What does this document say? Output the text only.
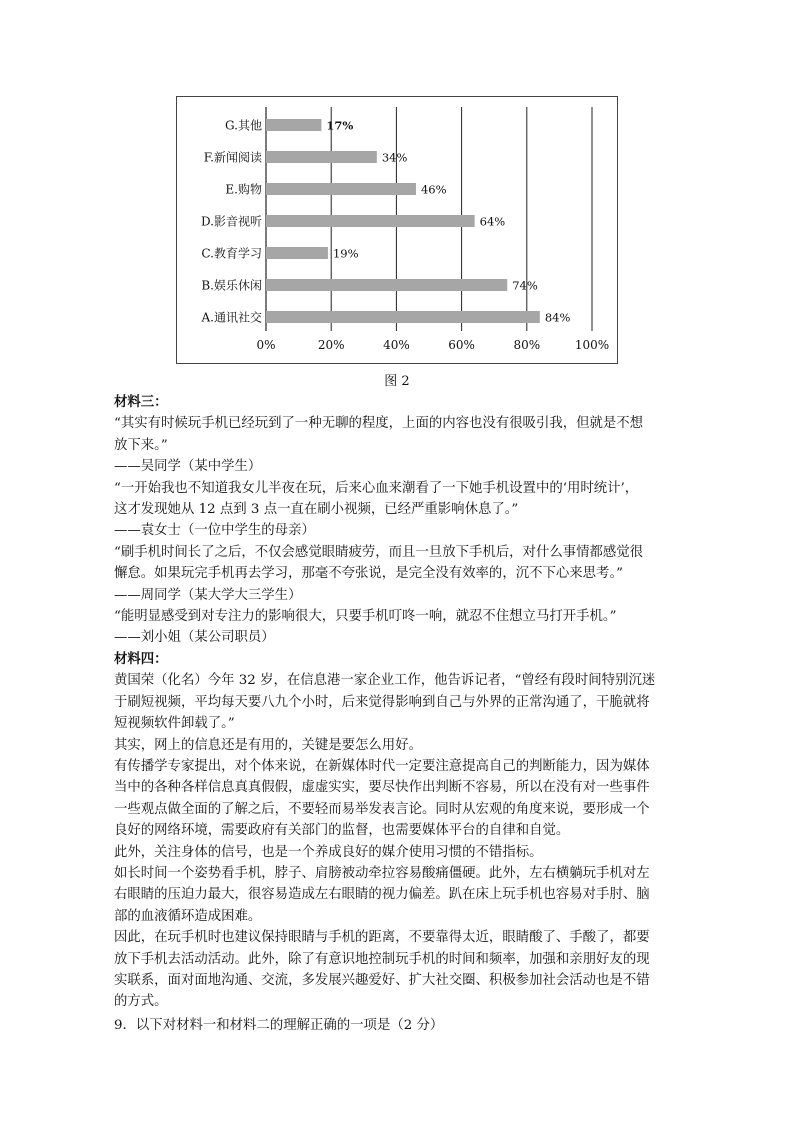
0%	20%	40%	60%	80%	100%
A.通讯社交	84%
B.娱乐休闲	74%
C.教育学习	19%
D.影音视听	64%
E.购物	46%
F.新闻阅读	34%
G.其他	17%
图 2
材料三：
“其实有时候玩手机已经玩到了一种无聊的程度，上面的内容也没有很吸引我，但就是不想
放下来。”
——吴同学（某中学生）
“一开始我也不知道我女儿半夜在玩，后来心血来潮看了一下她手机设置中的‘用时统计’，
这才发现她从 12 点到 3 点一直在刷小视频，已经严重影响休息了。”
——袁女士（一位中学生的母亲）
“刷手机时间长了之后，不仅会感觉眼睛疲劳，而且一旦放下手机后，对什么事情都感觉很
懈怠。如果玩完手机再去学习，那毫不夸张说，是完全没有效率的，沉不下心来思考。”
——周同学（某大学大三学生）
“能明显感受到对专注力的影响很大，只要手机叮咚一响，就忍不住想立马打开手机。”
——刘小姐（某公司职员）
材料四：
黄国荣（化名）今年 32 岁，在信息港一家企业工作，他告诉记者，“曾经有段时间特别沉迷
于刷短视频，平均每天要八九个小时，后来觉得影响到自己与外界的正常沟通了，干脆就将
短视频软件卸载了。”
其实，网上的信息还是有用的，关键是要怎么用好。
有传播学专家提出，对个体来说，在新媒体时代一定要注意提高自己的判断能力，因为媒体
当中的各种各样信息真真假假，虚虚实实，要尽快作出判断不容易，所以在没有对一些事件
一些观点做全面的了解之后，不要轻而易举发表言论。同时从宏观的角度来说，要形成一个
良好的网络环境，需要政府有关部门的监督，也需要媒体平台的自律和自觉。
此外，关注身体的信号，也是一个养成良好的媒介使用习惯的不错指标。
如长时间一个姿势看手机，脖子、肩膀被动牵拉容易酸痛僵硬。此外，左右横躺玩手机对左
右眼睛的压迫力最大，很容易造成左右眼睛的视力偏差。趴在床上玩手机也容易对手肘、脑
部的血液循环造成困难。
因此，在玩手机时也建议保持眼睛与手机的距离，不要靠得太近，眼睛酸了、手酸了，都要
放下手机去活动活动。此外，除了有意识地控制玩手机的时间和频率，加强和亲朋好友的现
实联系，面对面地沟通、交流，多发展兴趣爱好、扩大社交圈、积极参加社会活动也是不错
的方式。
9．以下对材料一和材料二的理解正确的一项是（2 分）
